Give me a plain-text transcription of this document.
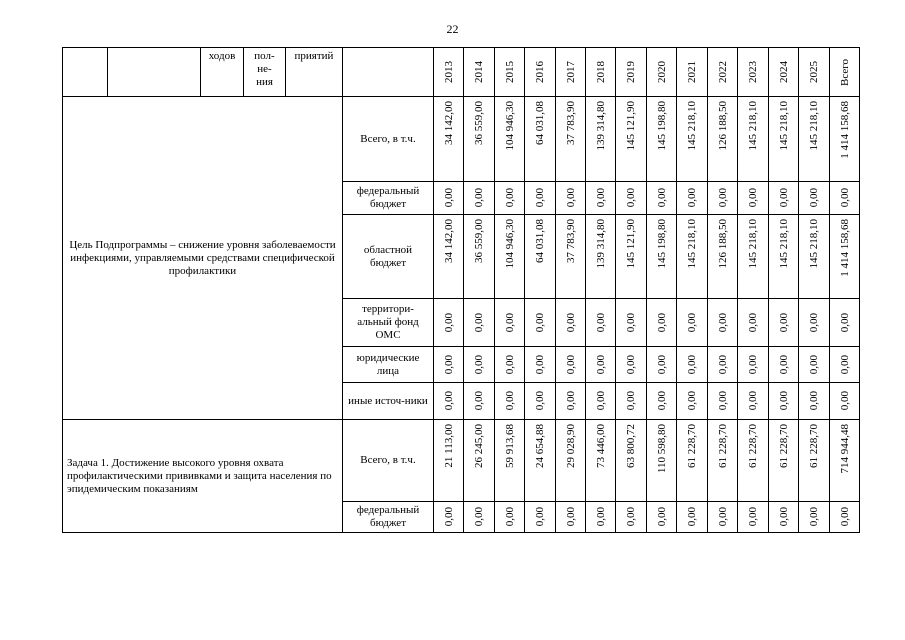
22
		ходов	пол-
не-
ния	приятий		2013	2014	2015	2016	2017	2018	2019	2020	2021	2022	2023	2024	2025	Всего

Цель Подпрограммы – снижение уровня заболеваемости инфекциями, управляемыми средствами специфической профилактики					Всего, в т.ч.	34 142,00	36 559,00	104 946,30	64 031,08	37 783,90	139 314,80	145 121,90	145 198,80	145 218,10	126 188,50	145 218,10	145 218,10	145 218,10	1 414 158,68

					федеральный бюджет	0,00	0,00	0,00	0,00	0,00	0,00	0,00	0,00	0,00	0,00	0,00	0,00	0,00	0,00

					областной бюджет	34 142,00	36 559,00	104 946,30	64 031,08	37 783,90	139 314,80	145 121,90	145 198,80	145 218,10	126 188,50	145 218,10	145 218,10	145 218,10	1 414 158,68

					территори-альный фонд ОМС	0,00	0,00	0,00	0,00	0,00	0,00	0,00	0,00	0,00	0,00	0,00	0,00	0,00	0,00

					юридические лица	0,00	0,00	0,00	0,00	0,00	0,00	0,00	0,00	0,00	0,00	0,00	0,00	0,00	0,00

					иные источ-ники	0,00	0,00	0,00	0,00	0,00	0,00	0,00	0,00	0,00	0,00	0,00	0,00	0,00	0,00

Задача 1. Достижение высокого уровня охвата профилактическими прививками и защита населения по эпидемическим показаниям					Всего, в т.ч.	21 113,00	26 245,00	59 913,68	24 654,88	29 028,90	73 446,00	63 800,72	110 598,80	61 228,70	61 228,70	61 228,70	61 228,70	61 228,70	714 944,48

					федеральный бюджет	0,00	0,00	0,00	0,00	0,00	0,00	0,00	0,00	0,00	0,00	0,00	0,00	0,00	0,00
